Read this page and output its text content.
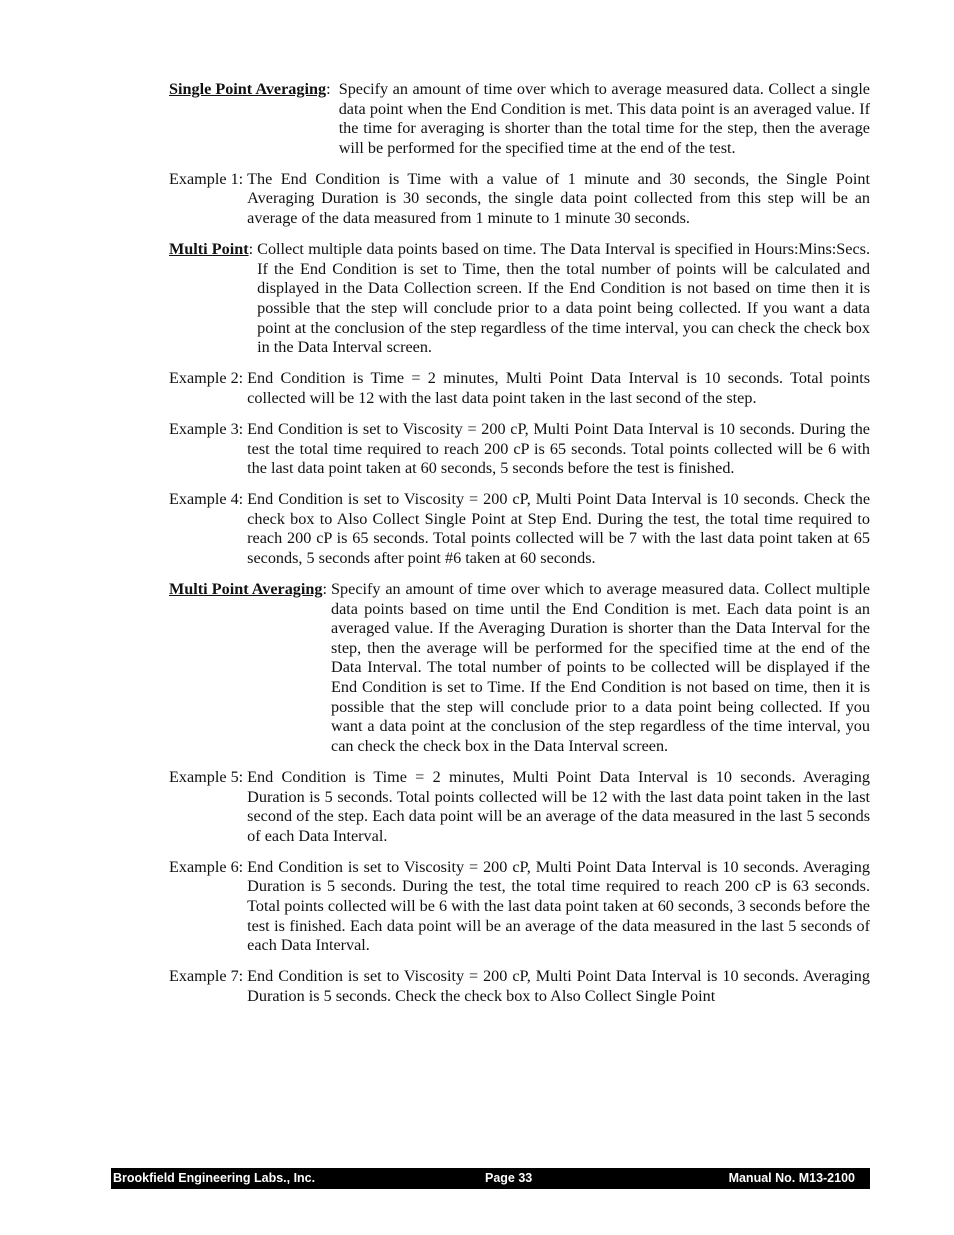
Single Point Averaging: Specify an amount of time over which to average measured data. Collect a single data point when the End Condition is met. This data point is an averaged value. If the time for averaging is shorter than the total time for the step, then the average will be performed for the specified time at the end of the test.
Example 1: The End Condition is Time with a value of 1 minute and 30 seconds, the Single Point Averaging Duration is 30 seconds, the single data point collected from this step will be an average of the data measured from 1 minute to 1 minute 30 seconds.
Multi Point: Collect multiple data points based on time. The Data Interval is specified in Hours:Mins:Secs. If the End Condition is set to Time, then the total number of points will be calculated and displayed in the Data Collection screen. If the End Condition is not based on time then it is possible that the step will conclude prior to a data point being collected. If you want a data point at the conclusion of the step regardless of the time interval, you can check the check box in the Data Interval screen.
Example 2: End Condition is Time = 2 minutes, Multi Point Data Interval is 10 seconds. Total points collected will be 12 with the last data point taken in the last second of the step.
Example 3: End Condition is set to Viscosity = 200 cP, Multi Point Data Interval is 10 seconds. During the test the total time required to reach 200 cP is 65 seconds. Total points collected will be 6 with the last data point taken at 60 seconds, 5 seconds before the test is finished.
Example 4: End Condition is set to Viscosity = 200 cP, Multi Point Data Interval is 10 seconds. Check the check box to Also Collect Single Point at Step End. During the test, the total time required to reach 200 cP is 65 seconds. Total points collected will be 7 with the last data point taken at 65 seconds, 5 seconds after point #6 taken at 60 seconds.
Multi Point Averaging: Specify an amount of time over which to average measured data. Collect multiple data points based on time until the End Condition is met. Each data point is an averaged value. If the Averaging Duration is shorter than the Data Interval for the step, then the average will be performed for the specified time at the end of the Data Interval. The total number of points to be collected will be displayed if the End Condition is set to Time. If the End Condition is not based on time, then it is possible that the step will conclude prior to a data point being collected. If you want a data point at the conclusion of the step regardless of the time interval, you can check the check box in the Data Interval screen.
Example 5: End Condition is Time = 2 minutes, Multi Point Data Interval is 10 seconds. Averaging Duration is 5 seconds. Total points collected will be 12 with the last data point taken in the last second of the step. Each data point will be an average of the data measured in the last 5 seconds of each Data Interval.
Example 6: End Condition is set to Viscosity = 200 cP, Multi Point Data Interval is 10 seconds. Averaging Duration is 5 seconds. During the test, the total time required to reach 200 cP is 63 seconds. Total points collected will be 6 with the last data point taken at 60 seconds, 3 seconds before the test is finished. Each data point will be an average of the data measured in the last 5 seconds of each Data Interval.
Example 7: End Condition is set to Viscosity = 200 cP, Multi Point Data Interval is 10 seconds. Averaging Duration is 5 seconds. Check the check box to Also Collect Single Point
Brookfield Engineering Labs., Inc.	Page 33	Manual No. M13-2100
